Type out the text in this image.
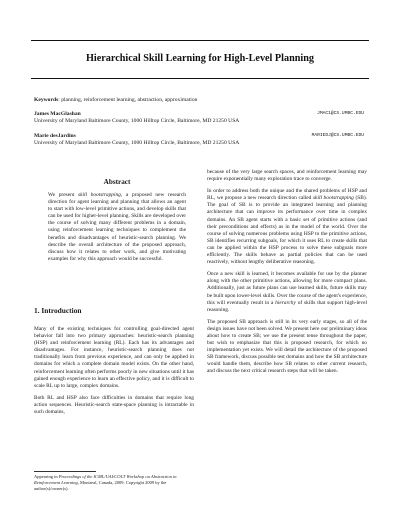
Hierarchical Skill Learning for High-Level Planning
Keywords: planning, reinforcement learning, abstraction, approximation
James MacGlashan	JMAC1@CS.UMBC.EDU
University of Maryland Baltimore County, 1000 Hilltop Circle, Baltimore, MD 21250 USA
Marie desJardins	MARIEDJ@CS.UMBC.EDU
University of Maryland Baltimore County, 1000 Hilltop Circle, Baltimore, MD 21250 USA
Abstract

We present skill bootstrapping, a proposed new research direction for agent learning and planning that allows an agent to start with low-level primitive actions, and develop skills that can be used for higher-level planning. Skills are developed over the course of solving many different problems in a domain, using reinforcement learning techniques to complement the benefits and disadvantages of heuristic-search planning. We describe the overall architecture of the proposed approach, discuss how it relates to other work, and give motivating examples for why this approach would be successful.

1. Introduction

Many of the existing techniques for controlling goal-directed agent behavior fall into two primary approaches: heuristic-search planning (HSP) and reinforcement learning (RL). Each has its advantages and disadvantages. For instance, heuristic-search planning does not traditionally learn from previous experience, and can only be applied in domains for which a complete domain model exists. On the other hand, reinforcement learning often performs poorly in new situations until it has gained enough experience to learn an effective policy, and it is difficult to scale RL up to large, complex domains.

Both RL and HSP also face difficulties in domains that require long action sequences. Heuristic-search state-space planning is intractable in such domains,

Appearing in Proceedings of the ICML/UAI/COLT Workshop on Abstraction in Reinforcement Learning, Montreal, Canada, 2009. Copyright 2009 by the author(s)/owner(s).

because of the very large search spaces, and reinforcement learning may require exponentially many exploration trace to converge.

In order to address both the unique and the shared problems of HSP and RL, we propose a new research direction called skill bootstrapping (SB). The goal of SB is to provide an integrated learning and planning architecture that can improve its performance over time in complex domains. An SB agent starts with a basic set of primitive actions (and their preconditions and effects) as in the model of the world. Over the course of solving numerous problems using HSP to the primitive actions, SB identifies recurring subgoals, for which it uses RL to create skills that can be applied within the HSP process to solve these subgoals more efficiently. The skills behave as partial policies that can be used reactively, without lengthy deliberative reasoning.

Once a new skill is learned, it becomes available for use by the planner along with the other primitive actions, allowing for more compact plans. Additionally, just as future plans can use learned skills, future skills may be built upon lower-level skills. Over the course of the agent's experience, this will eventually result in a hierarchy of skills that support high-level reasoning.

The proposed SB approach is still in its very early stages, so all of the design issues have not been solved. We present here our preliminary ideas about how to create SB; we use the present tense throughout the paper, but wish to emphasize that this is proposed research, for which no implementation yet exists. We will detail the architecture of the proposed SB framework, discuss possible test domains and how the SB architecture would handle them, describe how SB relates to other current research, and discuss the next critical research steps that will be taken.
